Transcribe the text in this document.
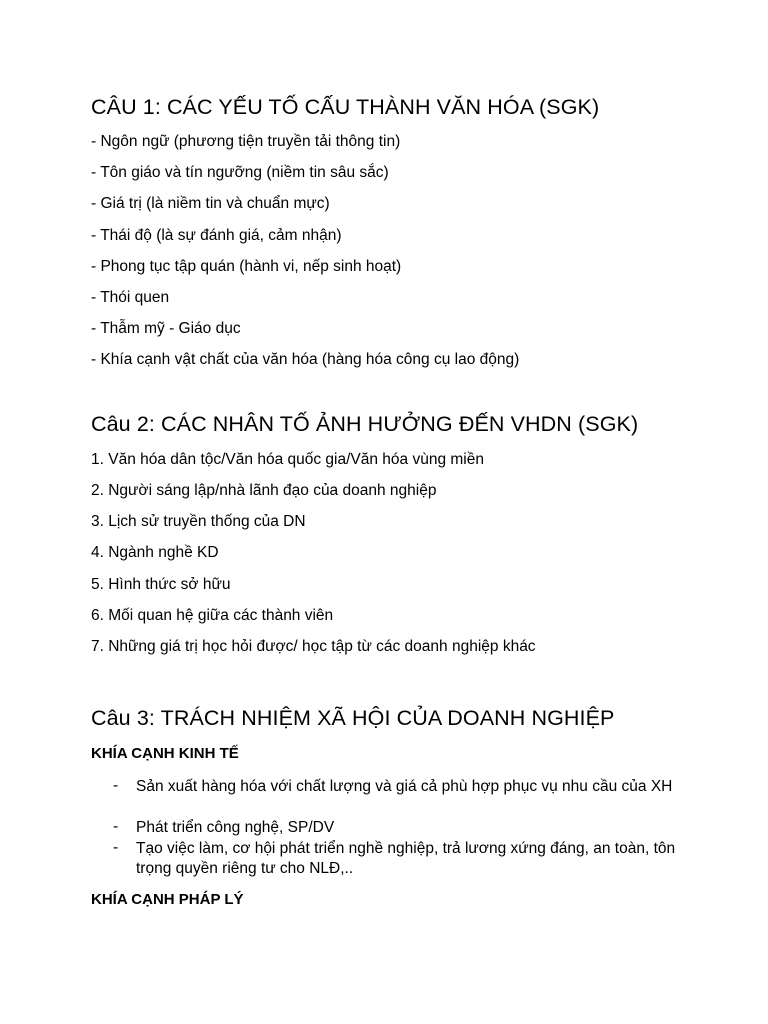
CÂU 1: CÁC YẾU TỐ CẤU THÀNH VĂN HÓA (SGK)
- Ngôn ngữ (phương tiện truyền tải thông tin)
- Tôn giáo và tín ngưỡng (niềm tin sâu sắc)
- Giá trị (là niềm tin và chuẩn mực)
- Thái độ (là sự đánh giá, cảm nhận)
- Phong tục tập quán (hành vi, nếp sinh hoạt)
- Thói quen
- Thẫm mỹ - Giáo dục
- Khía cạnh vật chất của văn hóa (hàng hóa công cụ lao động)
Câu 2: CÁC NHÂN TỐ ẢNH HƯỞNG ĐẾN VHDN (SGK)
1. Văn hóa dân tộc/Văn hóa quốc gia/Văn hóa vùng miền
2. Người sáng lập/nhà lãnh đạo của doanh nghiệp
3. Lịch sử truyền thống của DN
4. Ngành nghề KD
5. Hình thức sở hữu
6. Mối quan hệ giữa các thành viên
7. Những giá trị học hỏi được/ học tập từ các doanh nghiệp khác
Câu 3: TRÁCH NHIỆM XÃ HỘI CỦA DOANH NGHIỆP
KHÍA CẠNH KINH TẾ
- Sản xuất hàng hóa với chất lượng và giá cả phù hợp phục vụ nhu cầu của XH
- Phát triển công nghệ, SP/DV
- Tạo việc làm, cơ hội phát triển nghề nghiệp, trả lương xứng đáng, an toàn, tôn trọng quyền riêng tư cho NLĐ,..
KHÍA CẠNH PHÁP LÝ
